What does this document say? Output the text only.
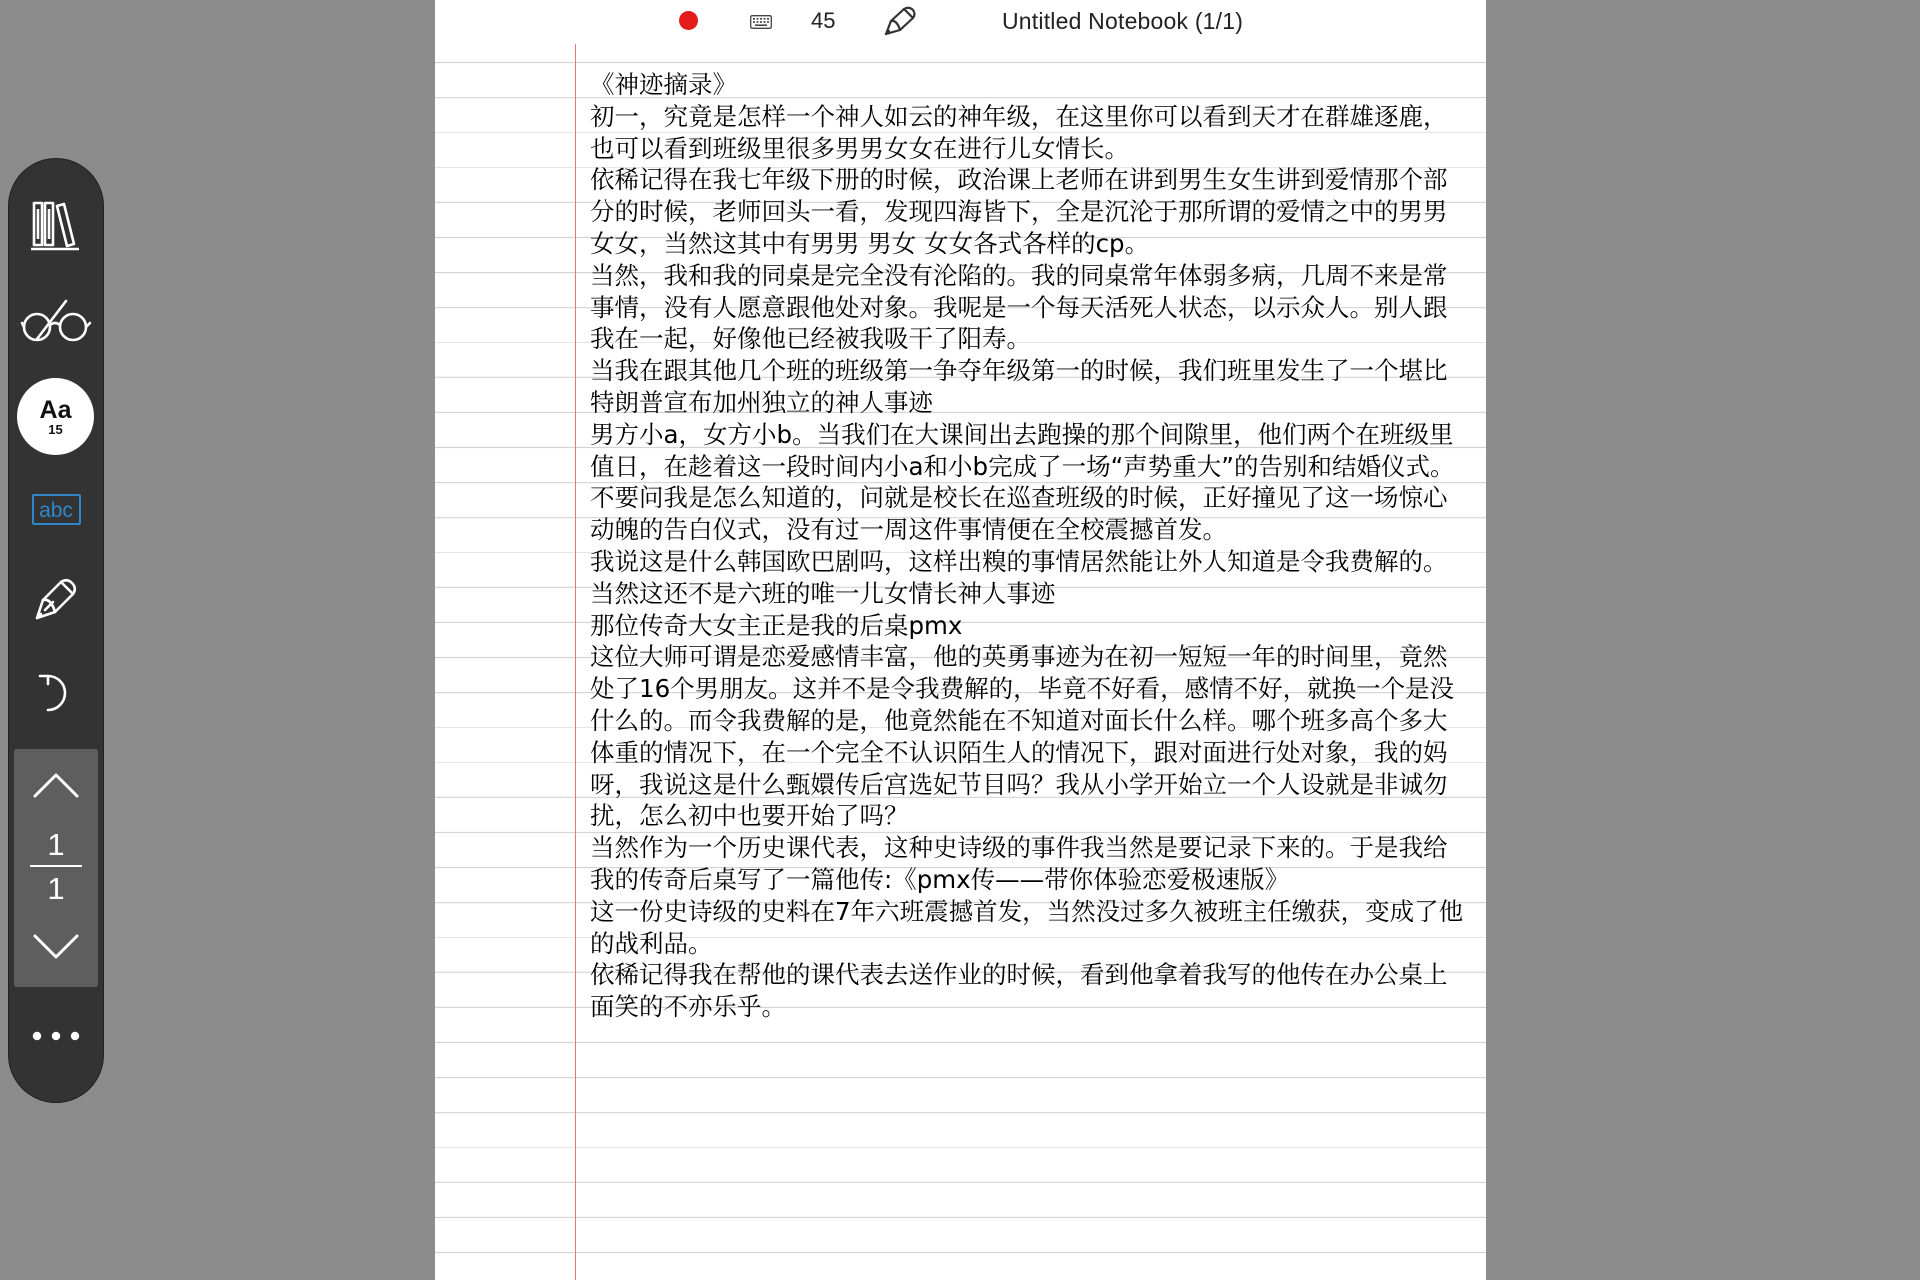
Aa
15
abc
1
1
45	Untitled Notebook (1/1)

《神迹摘录》

初一，究竟是怎样一个神人如云的神年级，在这里你可以看到天才在群雄逐鹿，也可以看到班级里很多男男女女在进行儿女情长。

依稀记得在我七年级下册的时候，政治课上老师在讲到男生女生讲到爱情那个部分的时候，老师回头一看，发现四海皆下，全是沉沦于那所谓的爱情之中的男男女女，当然这其中有男男 男女 女女各式各样的cp。

当然，我和我的同桌是完全没有沦陷的。我的同桌常年体弱多病，几周不来是常事情，没有人愿意跟他处对象。我呢是一个每天活死人状态，以示众人。别人跟我在一起，好像他已经被我吸干了阳寿。

当我在跟其他几个班的班级第一争夺年级第一的时候，我们班里发生了一个堪比特朗普宣布加州独立的神人事迹

男方小a，女方小b。当我们在大课间出去跑操的那个间隙里，他们两个在班级里值日，在趁着这一段时间内小a和小b完成了一场“声势重大”的告别和结婚仪式。

不要问我是怎么知道的，问就是校长在巡查班级的时候，正好撞见了这一场惊心动魄的告白仪式，没有过一周这件事情便在全校震撼首发。

我说这是什么韩国欧巴剧吗，这样出糗的事情居然能让外人知道是令我费解的。

当然这还不是六班的唯一儿女情长神人事迹

那位传奇大女主正是我的后桌pmx

这位大师可谓是恋爱感情丰富，他的英勇事迹为在初一短短一年的时间里，竟然处了16个男朋友。这并不是令我费解的，毕竟不好看，感情不好，就换一个是没什么的。而令我费解的是，他竟然能在不知道对面长什么样。哪个班多高个多大体重的情况下，在一个完全不认识陌生人的情况下，跟对面进行处对象，我的妈呀，我说这是什么甄嬛传后宫选妃节目吗？我从小学开始立一个人设就是非诚勿扰，怎么初中也要开始了吗？

当然作为一个历史课代表，这种史诗级的事件我当然是要记录下来的。于是我给我的传奇后桌写了一篇他传:《pmx传——带你体验恋爱极速版》

这一份史诗级的史料在7年六班震撼首发，当然没过多久被班主任缴获，变成了他的战利品。

依稀记得我在帮他的课代表去送作业的时候，看到他拿着我写的他传在办公桌上面笑的不亦乐乎。
